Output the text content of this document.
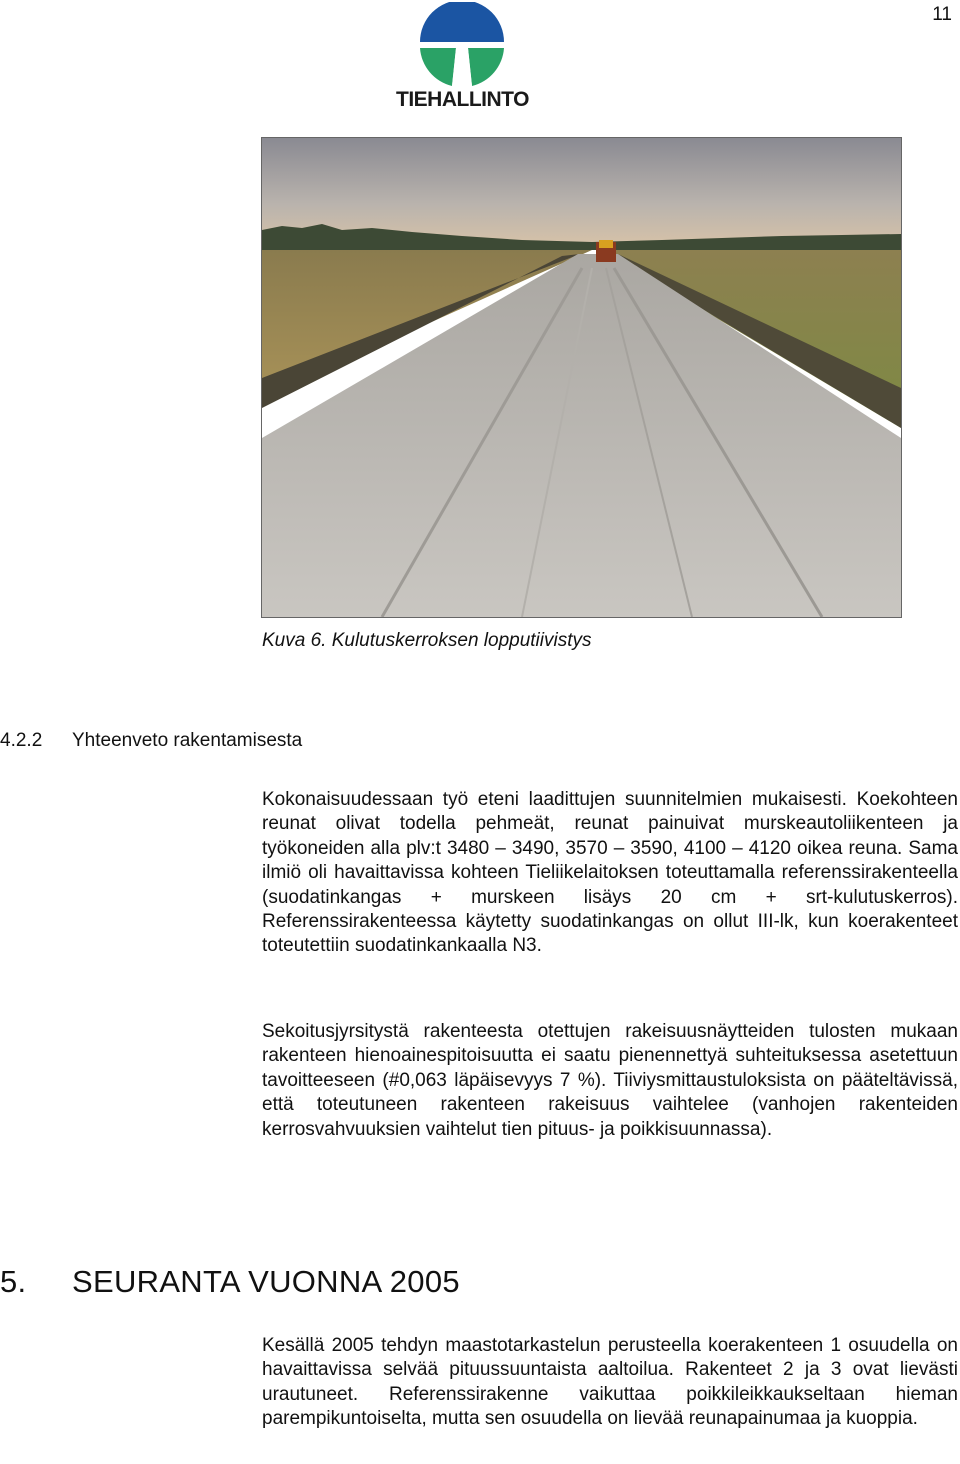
11
TIEHALLINTO
Kuva 6. Kulutuskerroksen lopputiivistys
4.2.2 Yhteenveto rakentamisesta

Kokonaisuudessaan työ eteni laadittujen suunnitelmien mukaisesti. Koekohteen reunat olivat todella pehmeät, reunat painuivat murskeautoliikenteen ja työkoneiden alla plv:t 3480 – 3490, 3570 – 3590, 4100 – 4120 oikea reuna. Sama ilmiö oli havaittavissa kohteen Tieliikelaitoksen toteuttamalla referenssirakenteella (suodatinkangas + murskeen lisäys 20 cm + srt-kulutuskerros). Referenssirakenteessa käytetty suodatinkangas on ollut III-lk, kun koerakenteet toteutettiin suodatinkankaalla N3.

Sekoitusjyrsitystä rakenteesta otettujen rakeisuusnäytteiden tulosten mukaan rakenteen hienoainespitoisuutta ei saatu pienennettyä suhteituksessa asetettuun tavoitteeseen (#0,063 läpäisevyys 7 %). Tiiviysmittaustuloksista on pääteltävissä, että toteutuneen rakenteen rakeisuus vaihtelee (vanhojen rakenteiden kerrosvahvuuksien vaihtelut tien pituus- ja poikkisuunnassa).

5. SEURANTA VUONNA 2005

Kesällä 2005 tehdyn maastotarkastelun perusteella koerakenteen 1 osuudella on havaittavissa selvää pituussuuntaista aaltoilua. Rakenteet 2 ja 3 ovat lievästi urautuneet. Referenssirakenne vaikuttaa poikkileikkaukseltaan hieman parempikuntoiselta, mutta sen osuudella on lievää reunapainumaa ja kuoppia.
